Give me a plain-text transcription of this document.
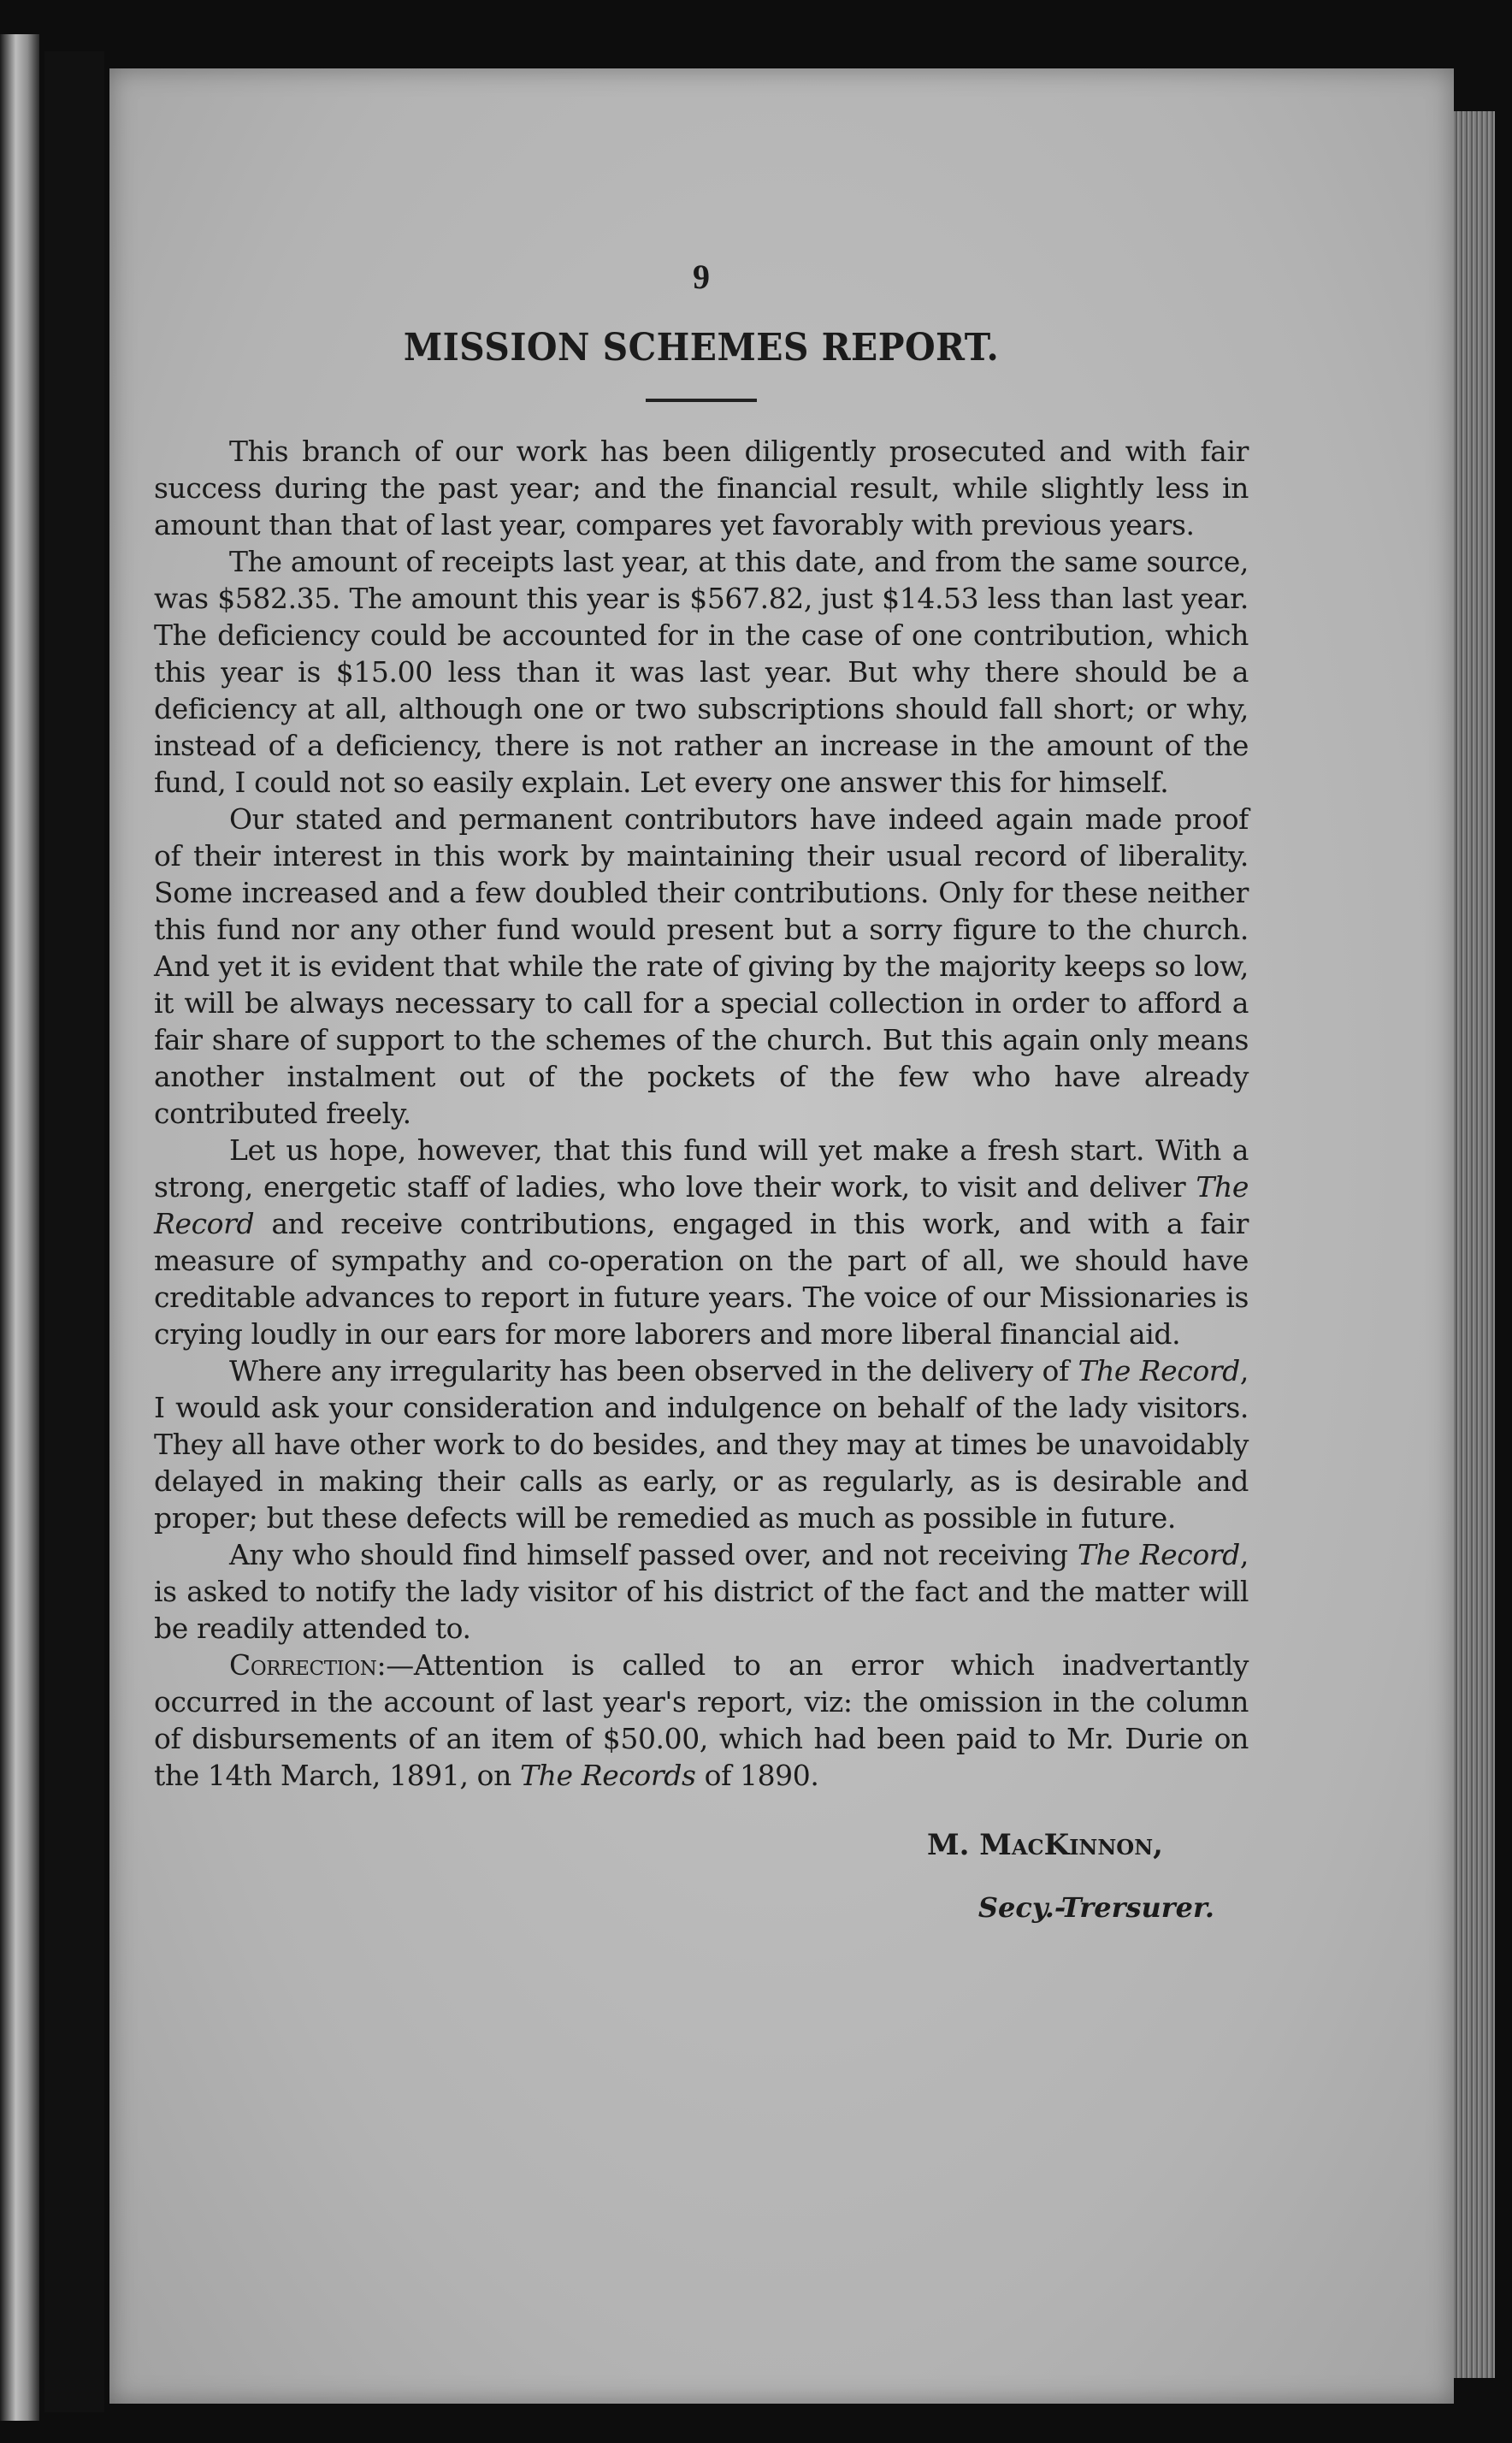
9
MISSION SCHEMES REPORT.

This branch of our work has been diligently prosecuted and with fair success during the past year; and the financial result, while slightly less in amount than that of last year, compares yet favorably with previous years.

The amount of receipts last year, at this date, and from the same source, was $582.35. The amount this year is $567.82, just $14.53 less than last year. The deficiency could be accounted for in the case of one contribution, which this year is $15.00 less than it was last year. But why there should be a deficiency at all, although one or two subscriptions should fall short; or why, instead of a deficiency, there is not rather an increase in the amount of the fund, I could not so easily explain. Let every one answer this for himself.

Our stated and permanent contributors have indeed again made proof of their interest in this work by maintaining their usual record of liberality. Some increased and a few doubled their contributions. Only for these neither this fund nor any other fund would present but a sorry figure to the church. And yet it is evident that while the rate of giving by the majority keeps so low, it will be always necessary to call for a special collection in order to afford a fair share of support to the schemes of the church. But this again only means another instalment out of the pockets of the few who have already contributed freely.

Let us hope, however, that this fund will yet make a fresh start. With a strong, energetic staff of ladies, who love their work, to visit and deliver The Record and receive contributions, engaged in this work, and with a fair measure of sympathy and co-operation on the part of all, we should have creditable advances to report in future years. The voice of our Missionaries is crying loudly in our ears for more laborers and more liberal financial aid.

Where any irregularity has been observed in the delivery of The Record, I would ask your consideration and indulgence on behalf of the lady visitors. They all have other work to do besides, and they may at times be unavoidably delayed in making their calls as early, or as regularly, as is desirable and proper; but these defects will be remedied as much as possible in future.

Any who should find himself passed over, and not receiving The Record, is asked to notify the lady visitor of his district of the fact and the matter will be readily attended to.

Correction:—Attention is called to an error which inadvertantly occurred in the account of last year's report, viz: the omission in the column of disbursements of an item of $50.00, which had been paid to Mr. Durie on the 14th March, 1891, on The Records of 1890.

M. MacKinnon,
Secy.-Trersurer.
